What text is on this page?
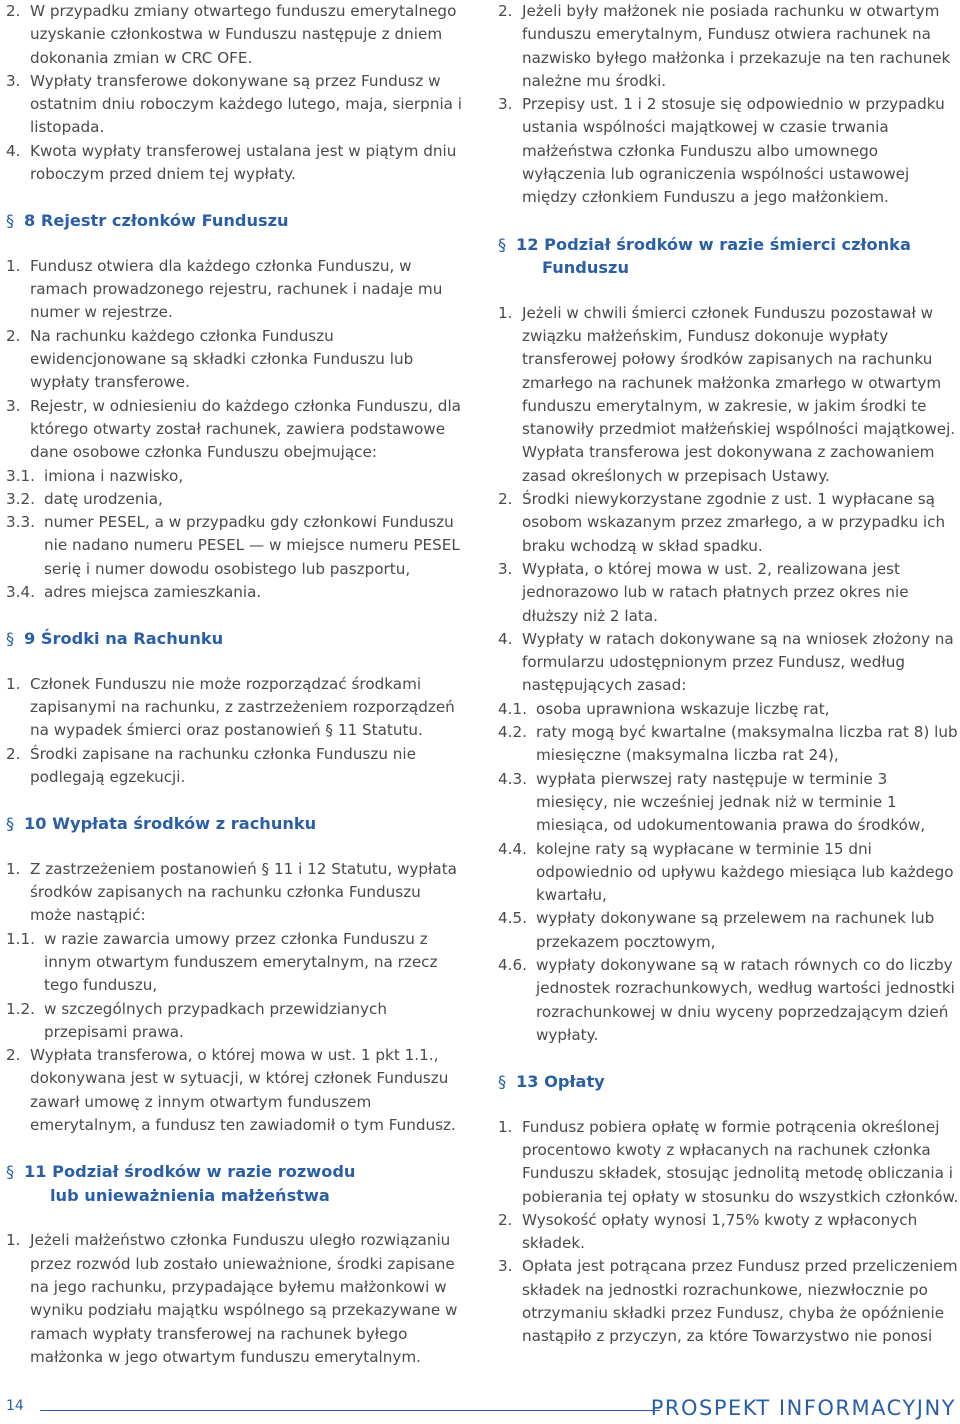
2. W przypadku zmiany otwartego funduszu emerytalnego uzyskanie członkostwa w Funduszu następuje z dniem dokonania zmian w CRC OFE.
3. Wypłaty transferowe dokonywane są przez Fundusz w ostatnim dniu roboczym każdego lutego, maja, sierpnia i listopada.
4. Kwota wypłaty transferowej ustalana jest w piątym dniu roboczym przed dniem tej wypłaty.
§ 8 Rejestr członków Funduszu
1. Fundusz otwiera dla każdego członka Funduszu, w ramach prowadzonego rejestru, rachunek i nadaje mu numer w rejestrze.
2. Na rachunku każdego członka Funduszu ewidencjonowane są składki członka Funduszu lub wypłaty transferowe.
3. Rejestr, w odniesieniu do każdego członka Funduszu, dla którego otwarty został rachunek, zawiera podstawowe dane osobowe członka Funduszu obejmujące:
3.1. imiona i nazwisko,
3.2. datę urodzenia,
3.3. numer PESEL, a w przypadku gdy członkowi Funduszu nie nadano numeru PESEL — w miejsce numeru PESEL serię i numer dowodu osobistego lub paszportu,
3.4. adres miejsca zamieszkania.
§ 9 Środki na Rachunku
1. Członek Funduszu nie może rozporządzać środkami zapisanymi na rachunku, z zastrzeżeniem rozporządzeń na wypadek śmierci oraz postanowień § 11 Statutu.
2. Środki zapisane na rachunku członka Funduszu nie podlegają egzekucji.
§ 10 Wypłata środków z rachunku
1. Z zastrzeżeniem postanowień § 11 i 12 Statutu, wypłata środków zapisanych na rachunku członka Funduszu może nastąpić:
1.1. w razie zawarcia umowy przez członka Funduszu z innym otwartym funduszem emerytalnym, na rzecz tego funduszu,
1.2. w szczególnych przypadkach przewidzianych przepisami prawa.
2. Wypłata transferowa, o której mowa w ust. 1 pkt 1.1., dokonywana jest w sytuacji, w której członek Funduszu zawarł umowę z innym otwartym funduszem emerytalnym, a fundusz ten zawiadomił o tym Fundusz.
§ 11 Podział środków w razie rozwodu
lub unieważnienia małżeństwa
1. Jeżeli małżeństwo członka Funduszu uległo rozwiązaniu przez rozwód lub zostało unieważnione, środki zapisane na jego rachunku, przypadające byłemu małżonkowi w wyniku podziału majątku wspólnego są przekazywane w ramach wypłaty transferowej na rachunek byłego małżonka w jego otwartym funduszu emerytalnym.
2. Jeżeli były małżonek nie posiada rachunku w otwartym funduszu emerytalnym, Fundusz otwiera rachunek na nazwisko byłego małżonka i przekazuje na ten rachunek należne mu środki.
3. Przepisy ust. 1 i 2 stosuje się odpowiednio w przypadku ustania wspólności majątkowej w czasie trwania małżeństwa członka Funduszu albo umownego wyłączenia lub ograniczenia wspólności ustawowej między członkiem Funduszu a jego małżonkiem.
§ 12 Podział środków w razie śmierci członka
Funduszu
1. Jeżeli w chwili śmierci członek Funduszu pozostawał w związku małżeńskim, Fundusz dokonuje wypłaty transferowej połowy środków zapisanych na rachunku zmarłego na rachunek małżonka zmarłego w otwartym funduszu emerytalnym, w zakresie, w jakim środki te stanowiły przedmiot małżeńskiej wspólności majątkowej. Wypłata transferowa jest dokonywana z zachowaniem zasad określonych w przepisach Ustawy.
2. Środki niewykorzystane zgodnie z ust. 1 wypłacane są osobom wskazanym przez zmarłego, a w przypadku ich braku wchodzą w skład spadku.
3. Wypłata, o której mowa w ust. 2, realizowana jest jednorazowo lub w ratach płatnych przez okres nie dłuższy niż 2 lata.
4. Wypłaty w ratach dokonywane są na wniosek złożony na formularzu udostępnionym przez Fundusz, według następujących zasad:
4.1. osoba uprawniona wskazuje liczbę rat,
4.2. raty mogą być kwartalne (maksymalna liczba rat 8) lub miesięczne (maksymalna liczba rat 24),
4.3. wypłata pierwszej raty następuje w terminie 3 miesięcy, nie wcześniej jednak niż w terminie 1 miesiąca, od udokumentowania prawa do środków,
4.4. kolejne raty są wypłacane w terminie 15 dni odpowiednio od upływu każdego miesiąca lub każdego kwartału,
4.5. wypłaty dokonywane są przelewem na rachunek lub przekazem pocztowym,
4.6. wypłaty dokonywane są w ratach równych co do liczby jednostek rozrachunkowych, według wartości jednostki rozrachunkowej w dniu wyceny poprzedzającym dzień wypłaty.
§ 13 Opłaty
1. Fundusz pobiera opłatę w formie potrącenia określonej procentowo kwoty z wpłacanych na rachunek członka Funduszu składek, stosując jednolitą metodę obliczania i pobierania tej opłaty w stosunku do wszystkich członków.
2. Wysokość opłaty wynosi 1,75% kwoty z wpłaconych składek.
3. Opłata jest potrącana przez Fundusz przed przeliczeniem składek na jednostki rozrachunkowe, niezwłocznie po otrzymaniu składki przez Fundusz, chyba że opóźnienie nastąpiło z przyczyn, za które Towarzystwo nie ponosi
14	PROSPEKT INFORMACYJNY
